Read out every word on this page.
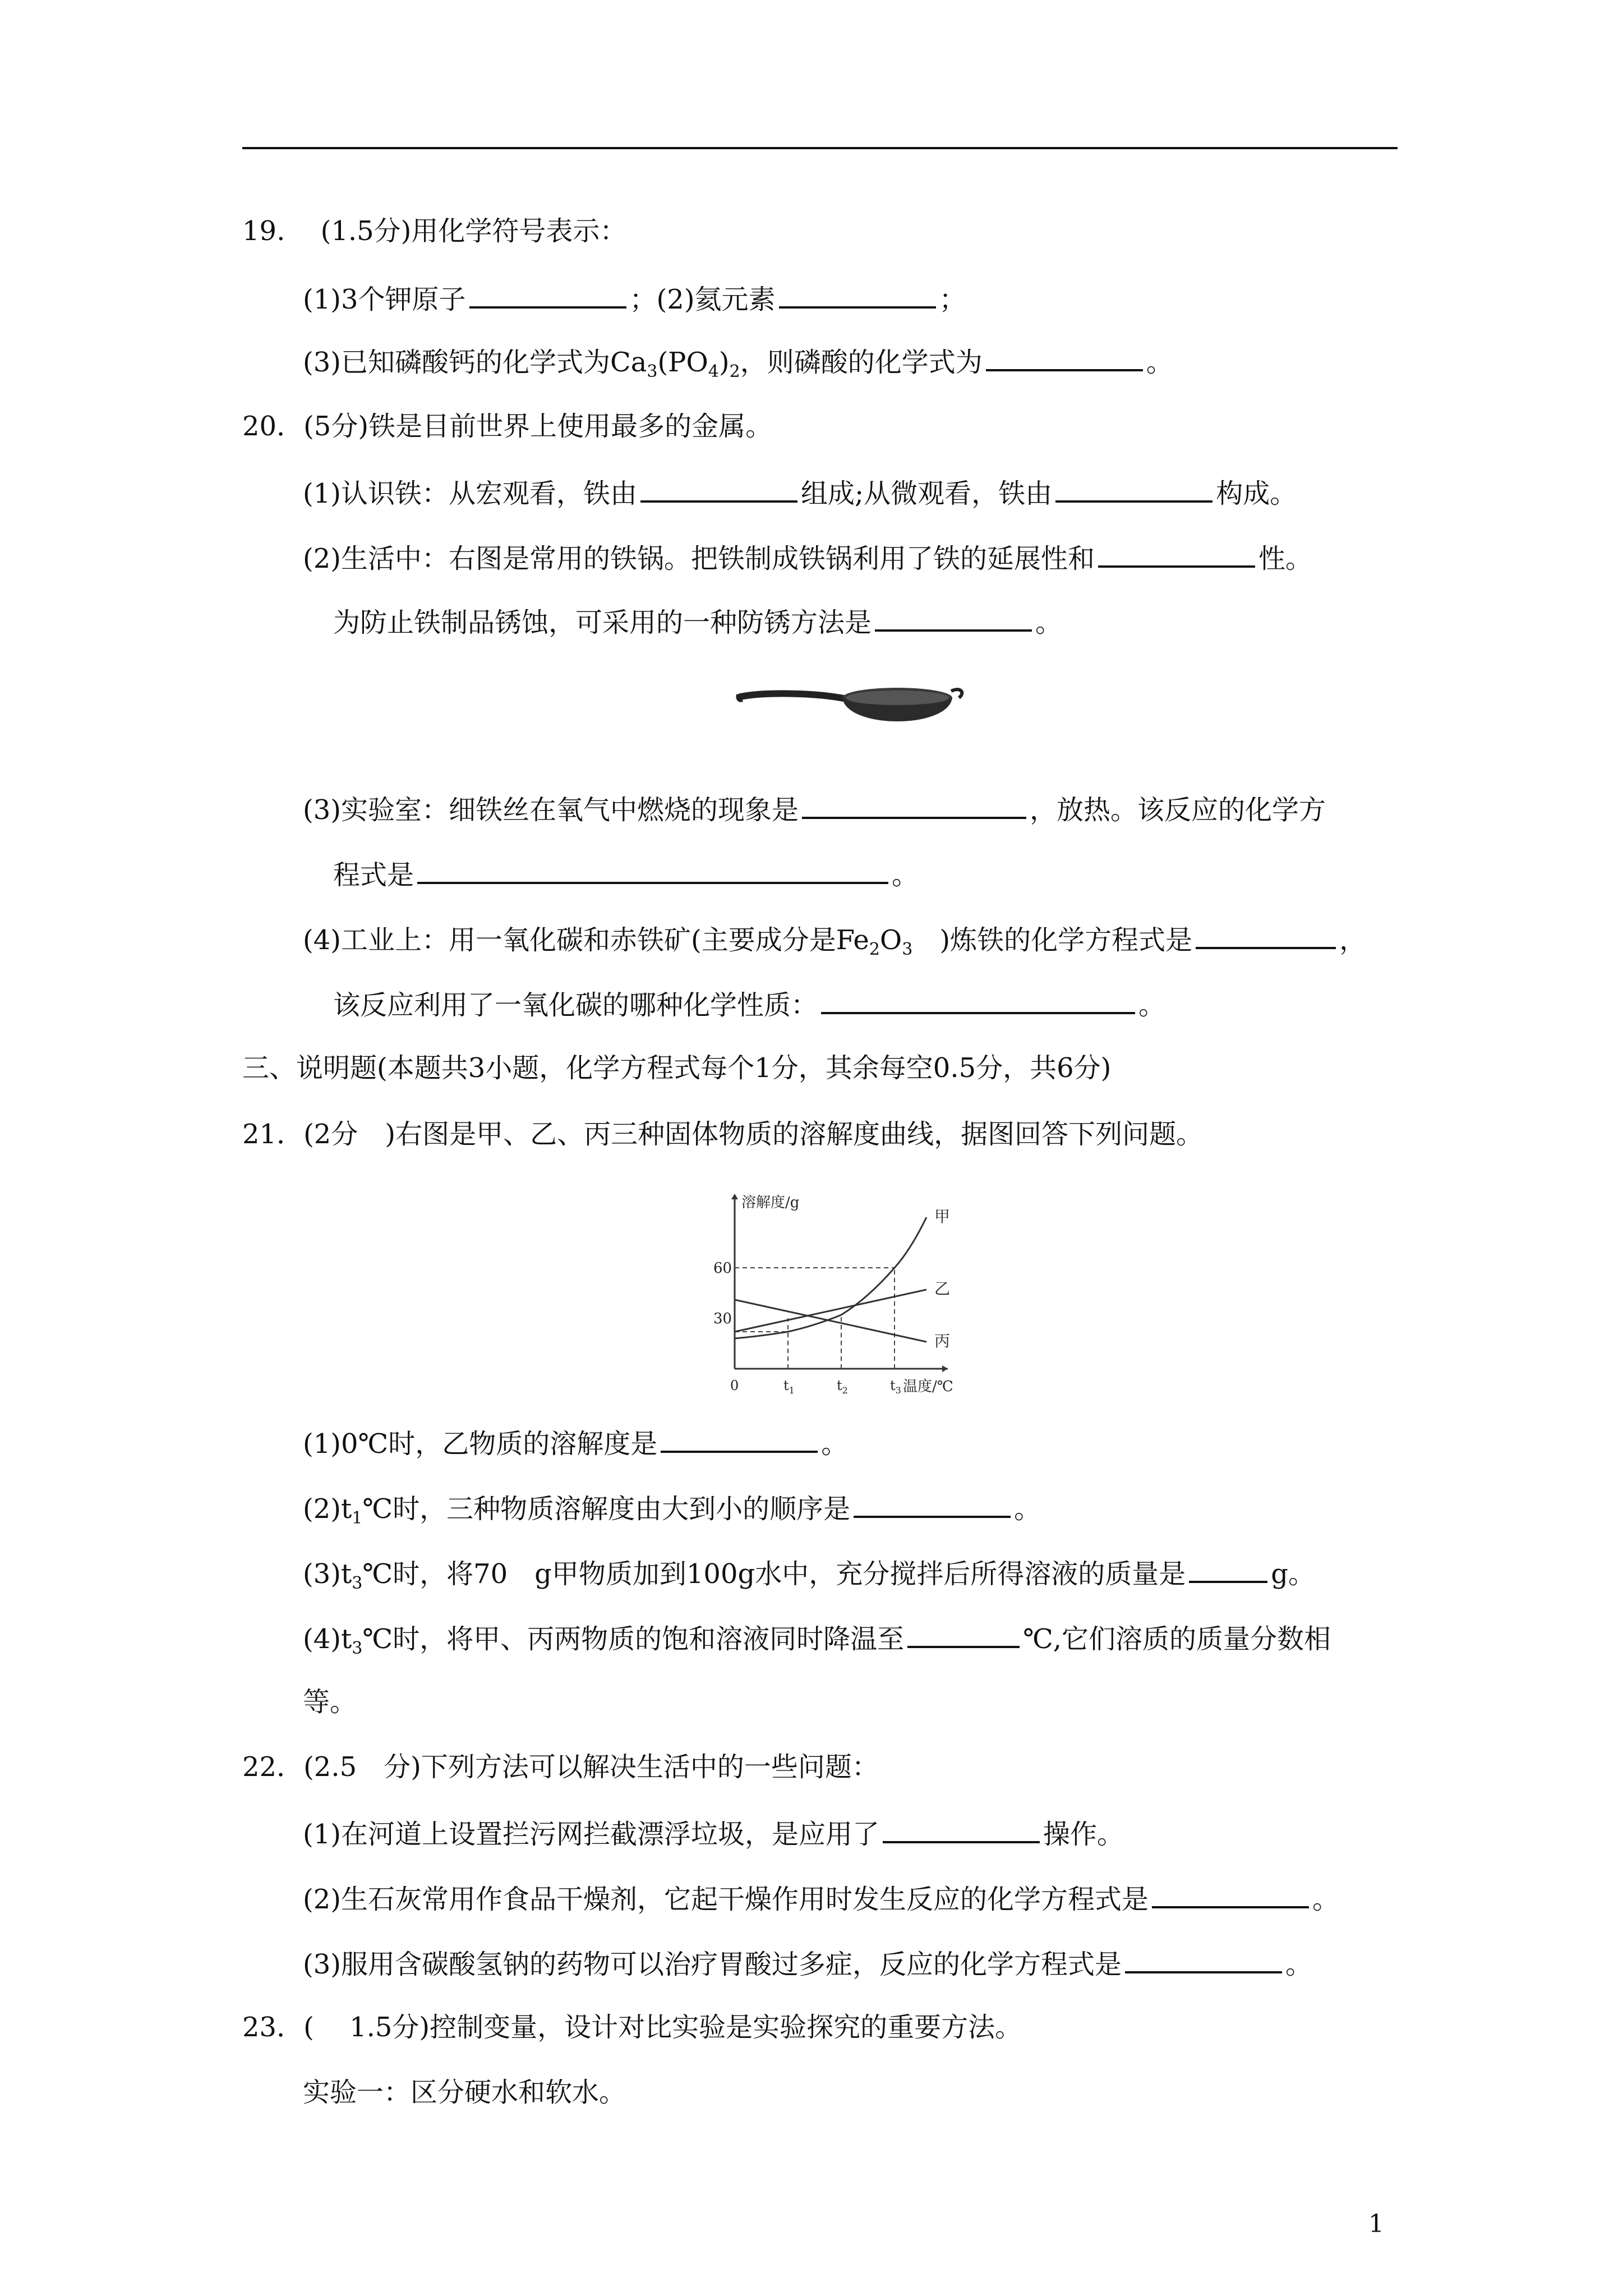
19.　 (1.5分)用化学符号表示：
(1)3个钾原子	；(2)氦元素	；
(3)已知磷酸钙的化学式为$Ca_3(PO_4)_2$，则磷酸的化学式为	。
20．(5分)铁是目前世界上使用最多的金属。
(1)认识铁：从宏观看，铁由	组成;从微观看，铁由	构成。
(2)生活中：右图是常用的铁锅。把铁制成铁锅利用了铁的延展性和	性。
为防止铁制品锈蚀，可采用的一种防锈方法是	。
(3)实验室：细铁丝在氧气中燃烧的现象是	，放热。该反应的化学方
程式是	。
(4)工业上：用一氧化碳和赤铁矿(主要成分是$Fe_2O_3$　)炼铁的化学方程式是	，
该反应利用了一氧化碳的哪种化学性质：	。
三、说明题(本题共3小题，化学方程式每个1分，其余每空0.5分，共6分)
21．(2分　)右图是甲、乙、丙三种固体物质的溶解度曲线，据图回答下列问题。
溶解度/g
温度/℃
60
30
0	$t_1$	$t_2$	$t_3$
甲
乙
丙
(1)0℃时，乙物质的溶解度是	。
$(2)t_1℃$时，三种物质溶解度由大到小的顺序是	。
$(3)t_3℃$时，将70　g甲物质加到100g水中，充分搅拌后所得溶液的质量是	g。
$(4)t_3℃$时，将甲、丙两物质的饱和溶液同时降温至	℃,它们溶质的质量分数相
等。
22．(2.5　分)下列方法可以解决生活中的一些问题：
(1)在河道上设置拦污网拦截漂浮垃圾，是应用了	操作。
(2)生石灰常用作食品干燥剂，它起干燥作用时发生反应的化学方程式是	。
(3)服用含碳酸氢钠的药物可以治疗胃酸过多症，反应的化学方程式是	。
23．(　 1.5分)控制变量，设计对比实验是实验探究的重要方法。
实验一：区分硬水和软水。
1
